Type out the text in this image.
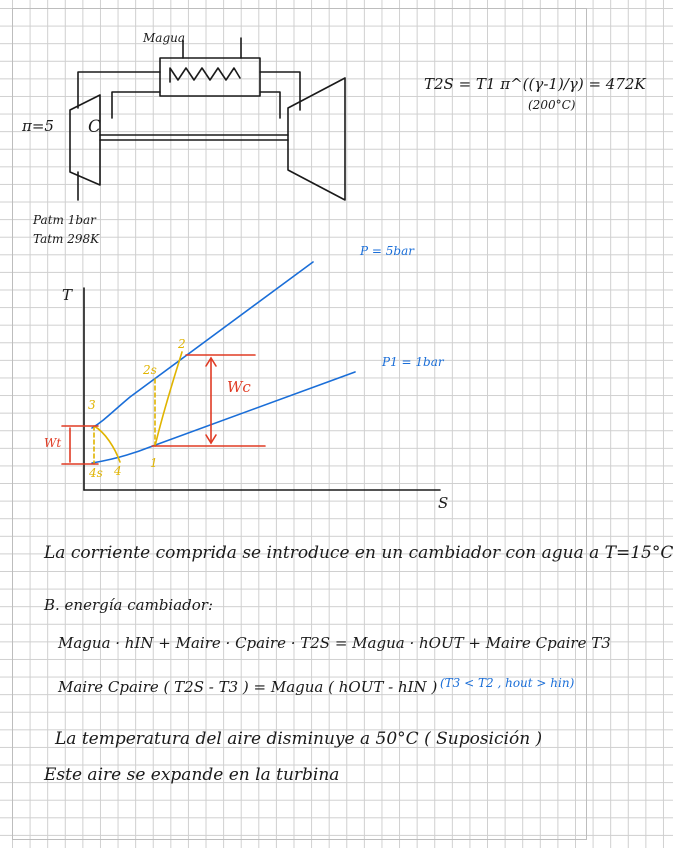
Magua
π=5 C
Patm 1bar
Tatm 298K
T2S = T1 π^((γ-1)/γ) = 472K
(200°C)
T
S
P = 5bar
P1 = 1bar
2
2s
3
1
4
4s
Wc
Wt
La corriente comprida se introduce en un cambiador con agua a T=15°C
B. energía cambiador:
Magua · hIN + Maire · Cpaire · T2S = Magua · hOUT + Maire Cpaire T3
Maire Cpaire ( T2S - T3 ) = Magua ( hOUT - hIN ) (T3 < T2 , hout > hin)
La temperatura del aire disminuye a 50°C ( Suposición )
Este aire se expande en la turbina
